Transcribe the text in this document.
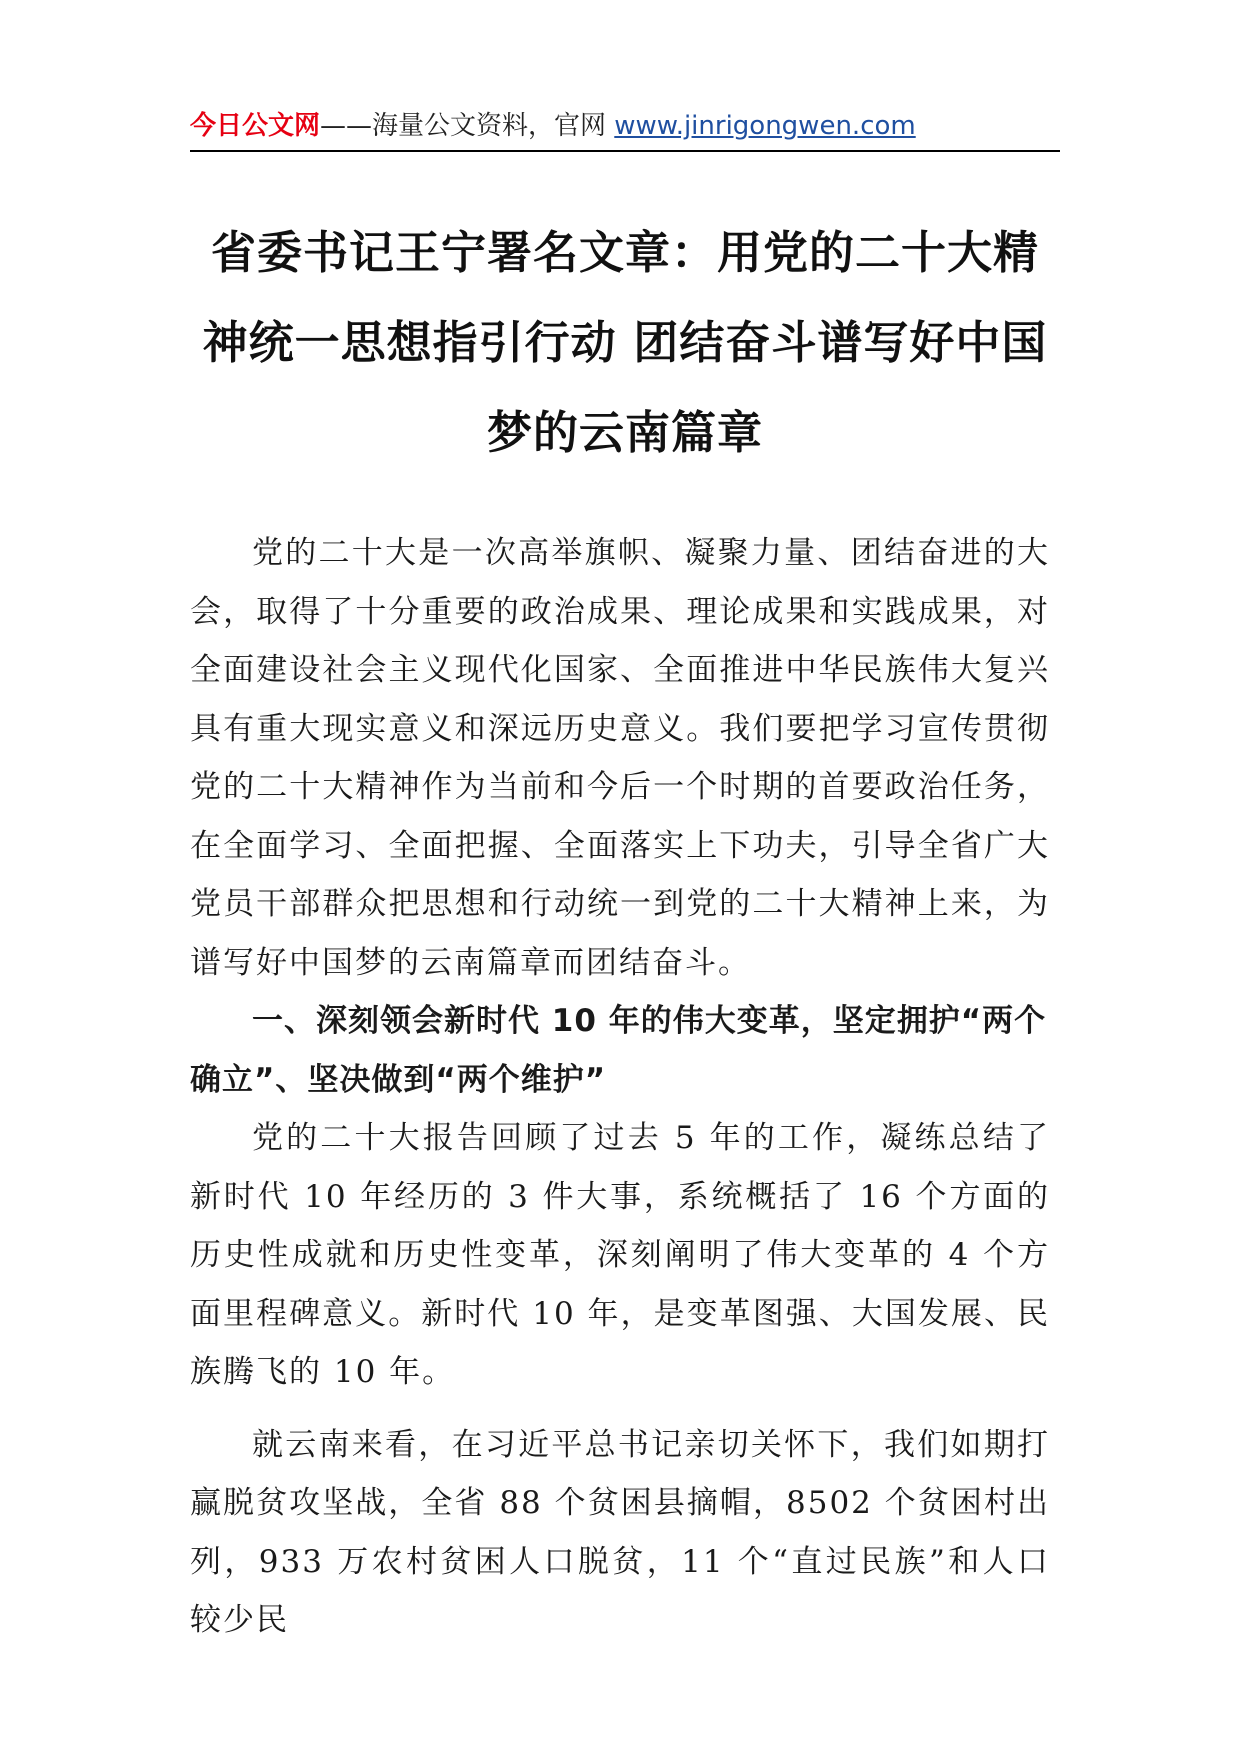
今日公文网——海量公文资料，官网 www.jinrigongwen.com
省委书记王宁署名文章：用党的二十大精
神统一思想指引行动 团结奋斗谱写好中国
梦的云南篇章

党的二十大是一次高举旗帜、凝聚力量、团结奋进的大会，取得了十分重要的政治成果、理论成果和实践成果，对全面建设社会主义现代化国家、全面推进中华民族伟大复兴具有重大现实意义和深远历史意义。我们要把学习宣传贯彻党的二十大精神作为当前和今后一个时期的首要政治任务，在全面学习、全面把握、全面落实上下功夫，引导全省广大党员干部群众把思想和行动统一到党的二十大精神上来，为谱写好中国梦的云南篇章而团结奋斗。

一、深刻领会新时代 10 年的伟大变革，坚定拥护“两个确立”、坚决做到“两个维护”

党的二十大报告回顾了过去 5 年的工作，凝练总结了新时代 10 年经历的 3 件大事，系统概括了 16 个方面的历史性成就和历史性变革，深刻阐明了伟大变革的 4 个方面里程碑意义。新时代 10 年，是变革图强、大国发展、民族腾飞的 10 年。

就云南来看，在习近平总书记亲切关怀下，我们如期打赢脱贫攻坚战，全省 88 个贫困县摘帽，8502 个贫困村出列，933 万农村贫困人口脱贫，11 个“直过民族”和人口较少民
